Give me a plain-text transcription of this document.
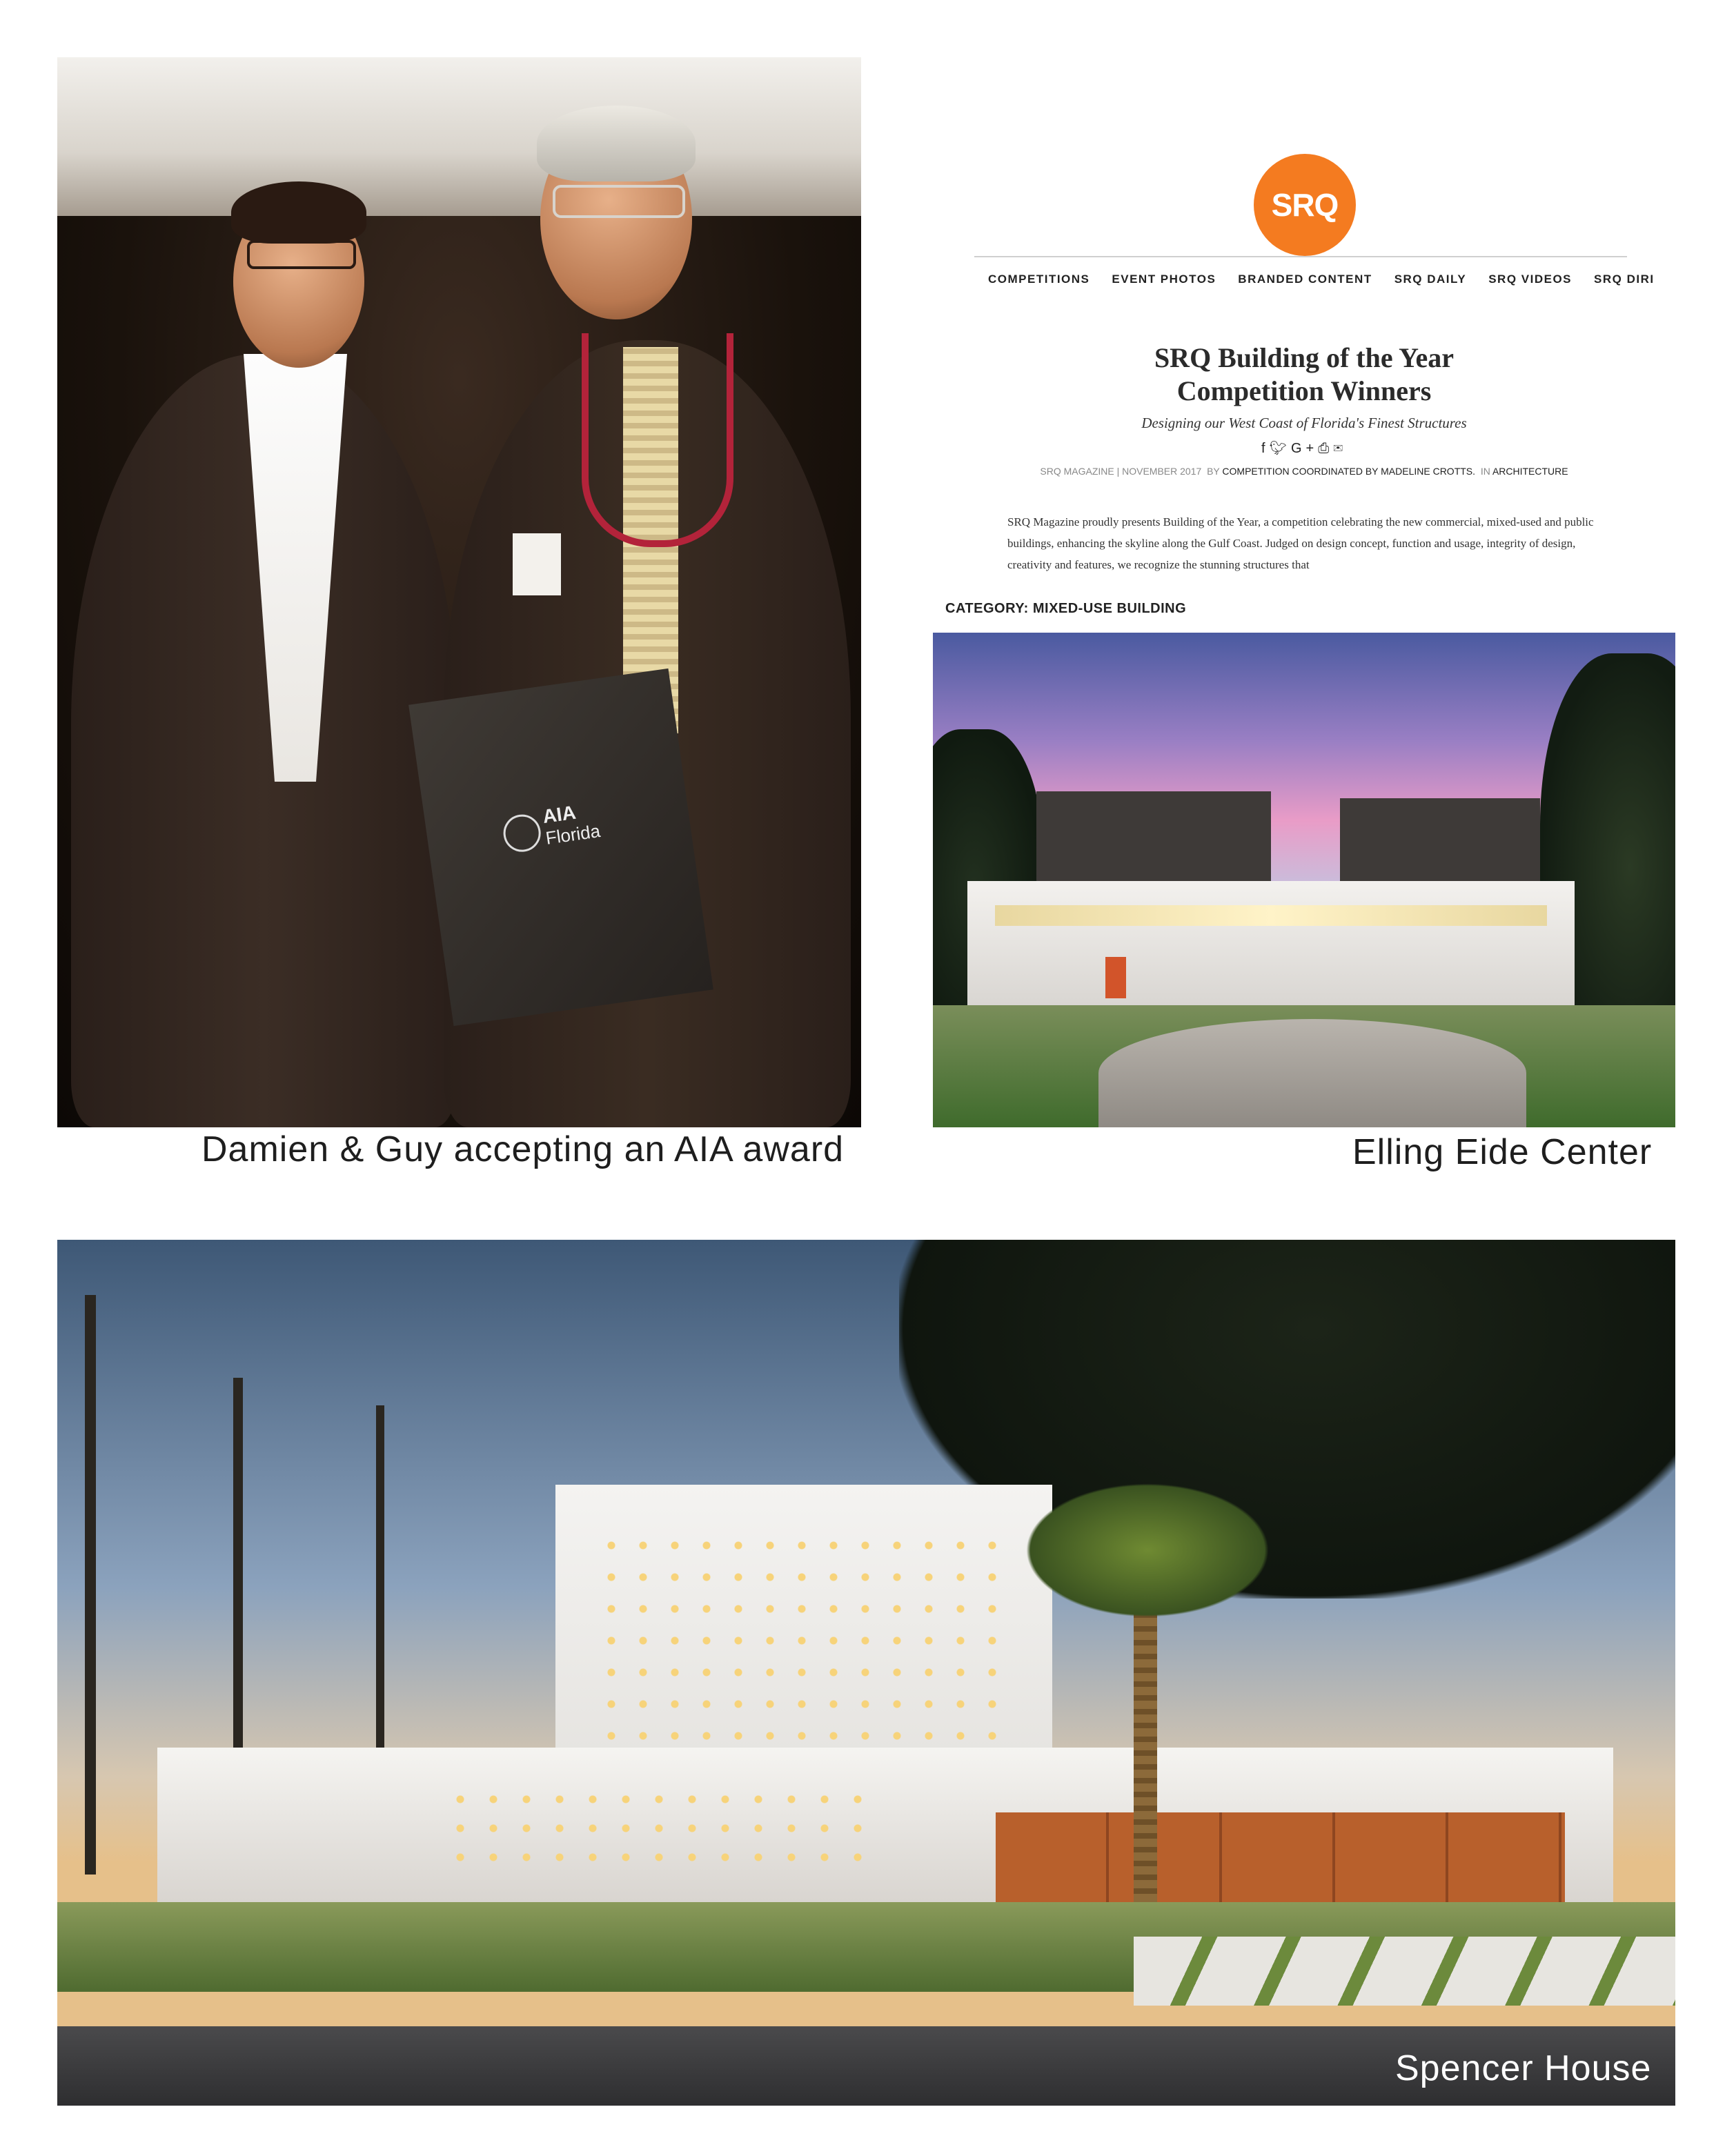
AIA
Florida
Damien & Guy accepting an AIA award
SRQ
COMPETITIONS EVENT PHOTOS BRANDED CONTENT SRQ DAILY SRQ VIDEOS SRQ DIRI
SRQ Building of the Year
Competition Winners
Designing our West Coast of Florida's Finest Structures
f🐦︎G+⎙✉
SRQ MAGAZINE | NOVEMBER 2017 BY COMPETITION COORDINATED BY MADELINE CROTTS. IN ARCHITECTURE
SRQ Magazine proudly presents Building of the Year, a competition celebrating the new commercial, mixed-used and public buildings, enhancing the skyline along the Gulf Coast. Judged on design concept, function and usage, integrity of design, creativity and features, we recognize the stunning structures that
CATEGORY: MIXED-USE BUILDING
Elling Eide Center
Spencer House
